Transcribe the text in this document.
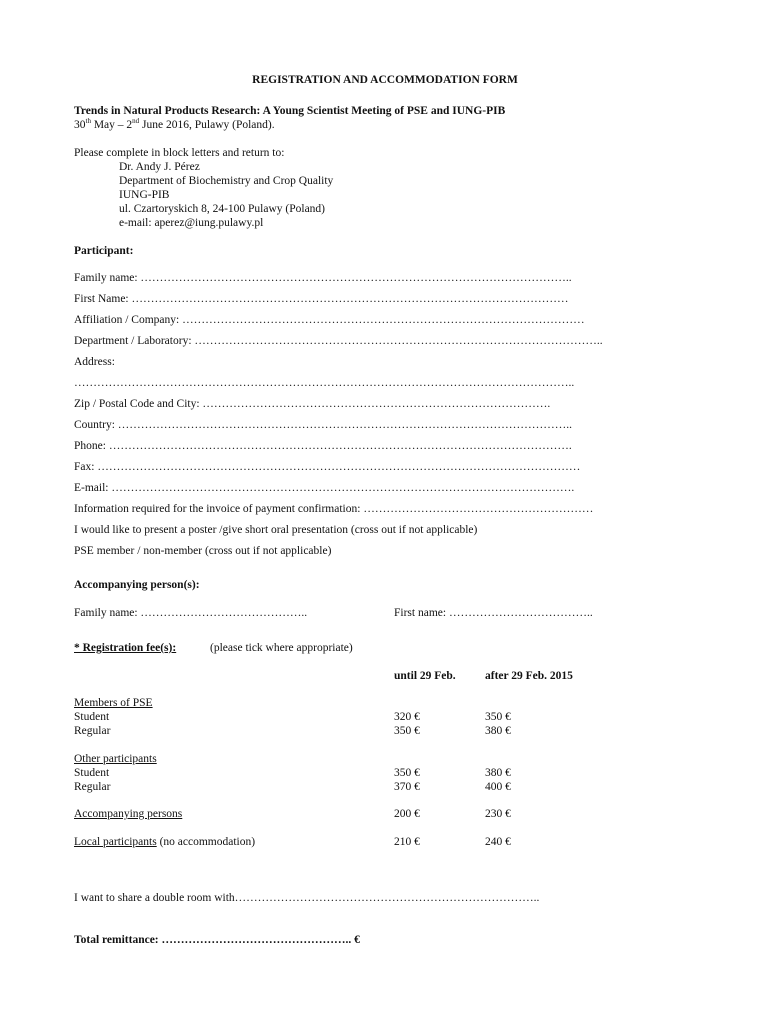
REGISTRATION AND ACCOMMODATION FORM
Trends in Natural Products Research: A Young Scientist Meeting of PSE and IUNG-PIB
30th May – 2nd June 2016, Pulawy (Poland).
Please complete in block letters and return to:
Dr. Andy J. Pérez
Department of Biochemistry and Crop Quality
IUNG-PIB
ul. Czartoryskich 8, 24-100 Pulawy (Poland)
e-mail: aperez@iung.pulawy.pl
Participant:
Family name: …………………………………………………………………………………………………..
First Name: ……………………………………………………………………………………………………
Affiliation / Company: ……………………………………………………………………………………………
Department / Laboratory: ……………………………………………………………………………………………..
Address:
…………………………………………………………………………………………………………………..
Zip / Postal Code and City: ……………………………………………………………………………….
Country: ………………………………………………………………………………………………………..
Phone: ………………………………………………………………………………………………………….
Fax: ………………………………………………………………………………………………………………
E-mail: ………………………………………………………………………………………………………….
Information required for the invoice of payment confirmation: ……………………………………………………
I would like to present a poster /give short oral presentation (cross out if not applicable)
PSE member / non-member (cross out if not applicable)
Accompanying person(s):
Family name: ……………………………………..	First name: ………………………………..
* Registration fee(s):	(please tick where appropriate)
until 29 Feb.	after 29 Feb. 2015
Members of PSE
Student	320 €	350 €
Regular	350 €	380 €
Other participants
Student	350 €	380 €
Regular	370 €	400 €
Accompanying persons	200 €	230 €
Local participants (no accommodation)	210 €	240 €
I want to share a double room with……………………………………………………………………..
Total remittance: ………………………………………….. €
